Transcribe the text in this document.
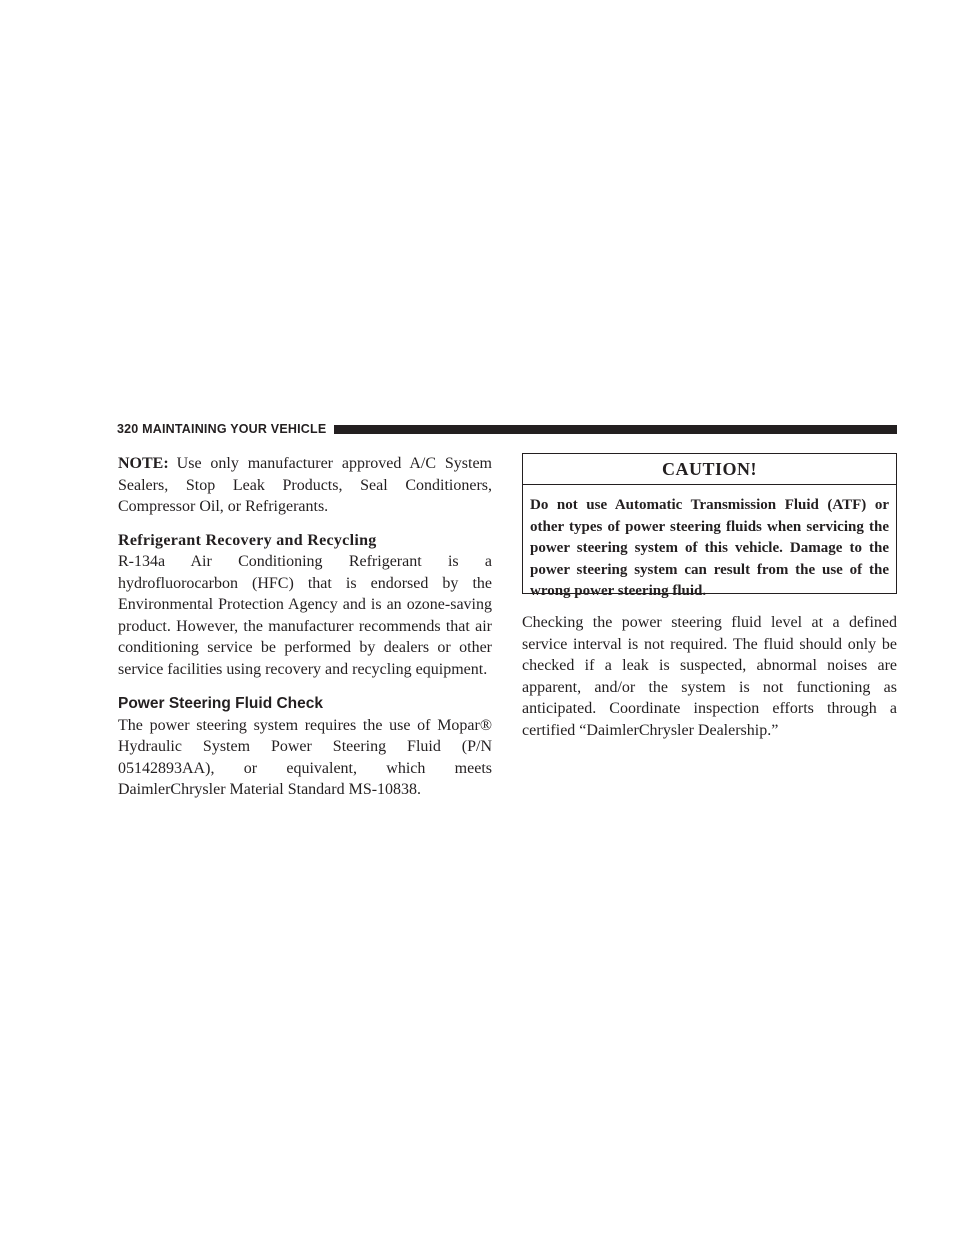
320 MAINTAINING YOUR VEHICLE

NOTE: Use only manufacturer approved A/C System Sealers, Stop Leak Products, Seal Conditioners, Compressor Oil, or Refrigerants.

Refrigerant Recovery and Recycling

R-134a Air Conditioning Refrigerant is a hydrofluorocarbon (HFC) that is endorsed by the Environmental Protection Agency and is an ozone-saving product. However, the manufacturer recommends that air conditioning service be performed by dealers or other service facilities using recovery and recycling equipment.

Power Steering Fluid Check

The power steering system requires the use of Mopar® Hydraulic System Power Steering Fluid (P/N 05142893AA), or equivalent, which meets DaimlerChrysler Material Standard MS-10838.

CAUTION!
Do not use Automatic Transmission Fluid (ATF) or other types of power steering fluids when servicing the power steering system of this vehicle. Damage to the power steering system can result from the use of the wrong power steering fluid.

Checking the power steering fluid level at a defined service interval is not required. The fluid should only be checked if a leak is suspected, abnormal noises are apparent, and/or the system is not functioning as anticipated. Coordinate inspection efforts through a certified “DaimlerChrysler Dealership.”
